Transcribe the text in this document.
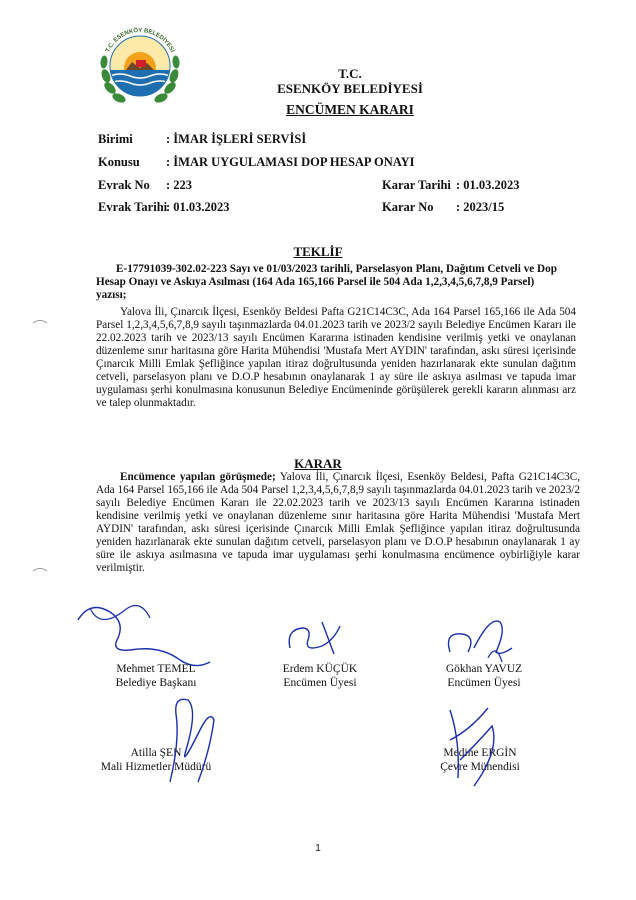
T.C. ESENKÖY BELEDİYESİ
T.C.
ESENKÖY BELEDİYESİ
ENCÜMEN KARARI
Birimi	: İMAR İŞLERİ SERVİSİ
Konusu : İMAR UYGULAMASI DOP HESAP ONAYI
Evrak No : 223
Evrak Tarihi
: 01.03.2023
Karar Tarihi : 01.03.2023
Karar No : 2023/15
TEKLİF

E-17791039-302.02-223 Sayı ve 01/03/2023 tarihli, Parselasyon Planı, Dağıtım Cetveli ve Dop Hesap Onayı ve Askıya Asılması (164 Ada 165,166 Parsel ile 504 Ada 1,2,3,4,5,6,7,8,9 Parsel) yazısı;

Yalova İli, Çınarcık İlçesi, Esenköy Beldesi Pafta G21C14C3C, Ada 164 Parsel 165,166 ile Ada 504 Parsel 1,2,3,4,5,6,7,8,9 sayılı taşınmazlarda 04.01.2023 tarih ve 2023/2 sayılı Belediye Encümen Kararı ile 22.02.2023 tarih ve 2023/13 sayılı Encümen Kararına istinaden kendisine verilmiş yetki ve onaylanan düzenleme sınır haritasına göre Harita Mühendisi 'Mustafa Mert AYDIN' tarafından, askı süresi içerisinde Çınarcık Milli Emlak Şefliğince yapılan itiraz doğrultusunda yeniden hazırlanarak ekte sunulan dağıtım cetveli, parselasyon planı ve D.O.P hesabının onaylanarak 1 ay süre ile askıya asılması ve tapuda imar uygulaması şerhi konulmasına konusunun Belediye Encümeninde görüşülerek gerekli kararın alınması arz ve talep olunmaktadır.

KARAR

Encümence yapılan görüşmede; Yalova İli, Çınarcık İlçesi, Esenköy Beldesi, Pafta G21C14C3C, Ada 164 Parsel 165,166 ile Ada 504 Parsel 1,2,3,4,5,6,7,8,9 sayılı taşınmazlarda 04.01.2023 tarih ve 2023/2 sayılı Belediye Encümen Kararı ile 22.02.2023 tarih ve 2023/13 sayılı Encümen Kararına istinaden kendisine verilmiş yetki ve onaylanan düzenleme sınır haritasına göre Harita Mühendisi 'Mustafa Mert AYDIN' tarafından, askı süresi içerisinde Çınarcık Milli Emlak Şefliğince yapılan itiraz doğrultusunda yeniden hazırlanarak ekte sunulan dağıtım cetveli, parselasyon planı ve D.O.P hesabının onaylanarak 1 ay süre ile askıya asılmasına ve tapuda imar uygulaması şerhi konulmasına encümence oybirliğiyle karar verilmiştir.

Mehmet TEMEL
Belediye Başkanı
Erdem KÜÇÜK
Encümen Üyesi
Gökhan YAVUZ
Encümen Üyesi
Atilla ŞEN
Mali Hizmetler Müdürü
Medine ERGİN
Çevre Mühendisi
1
